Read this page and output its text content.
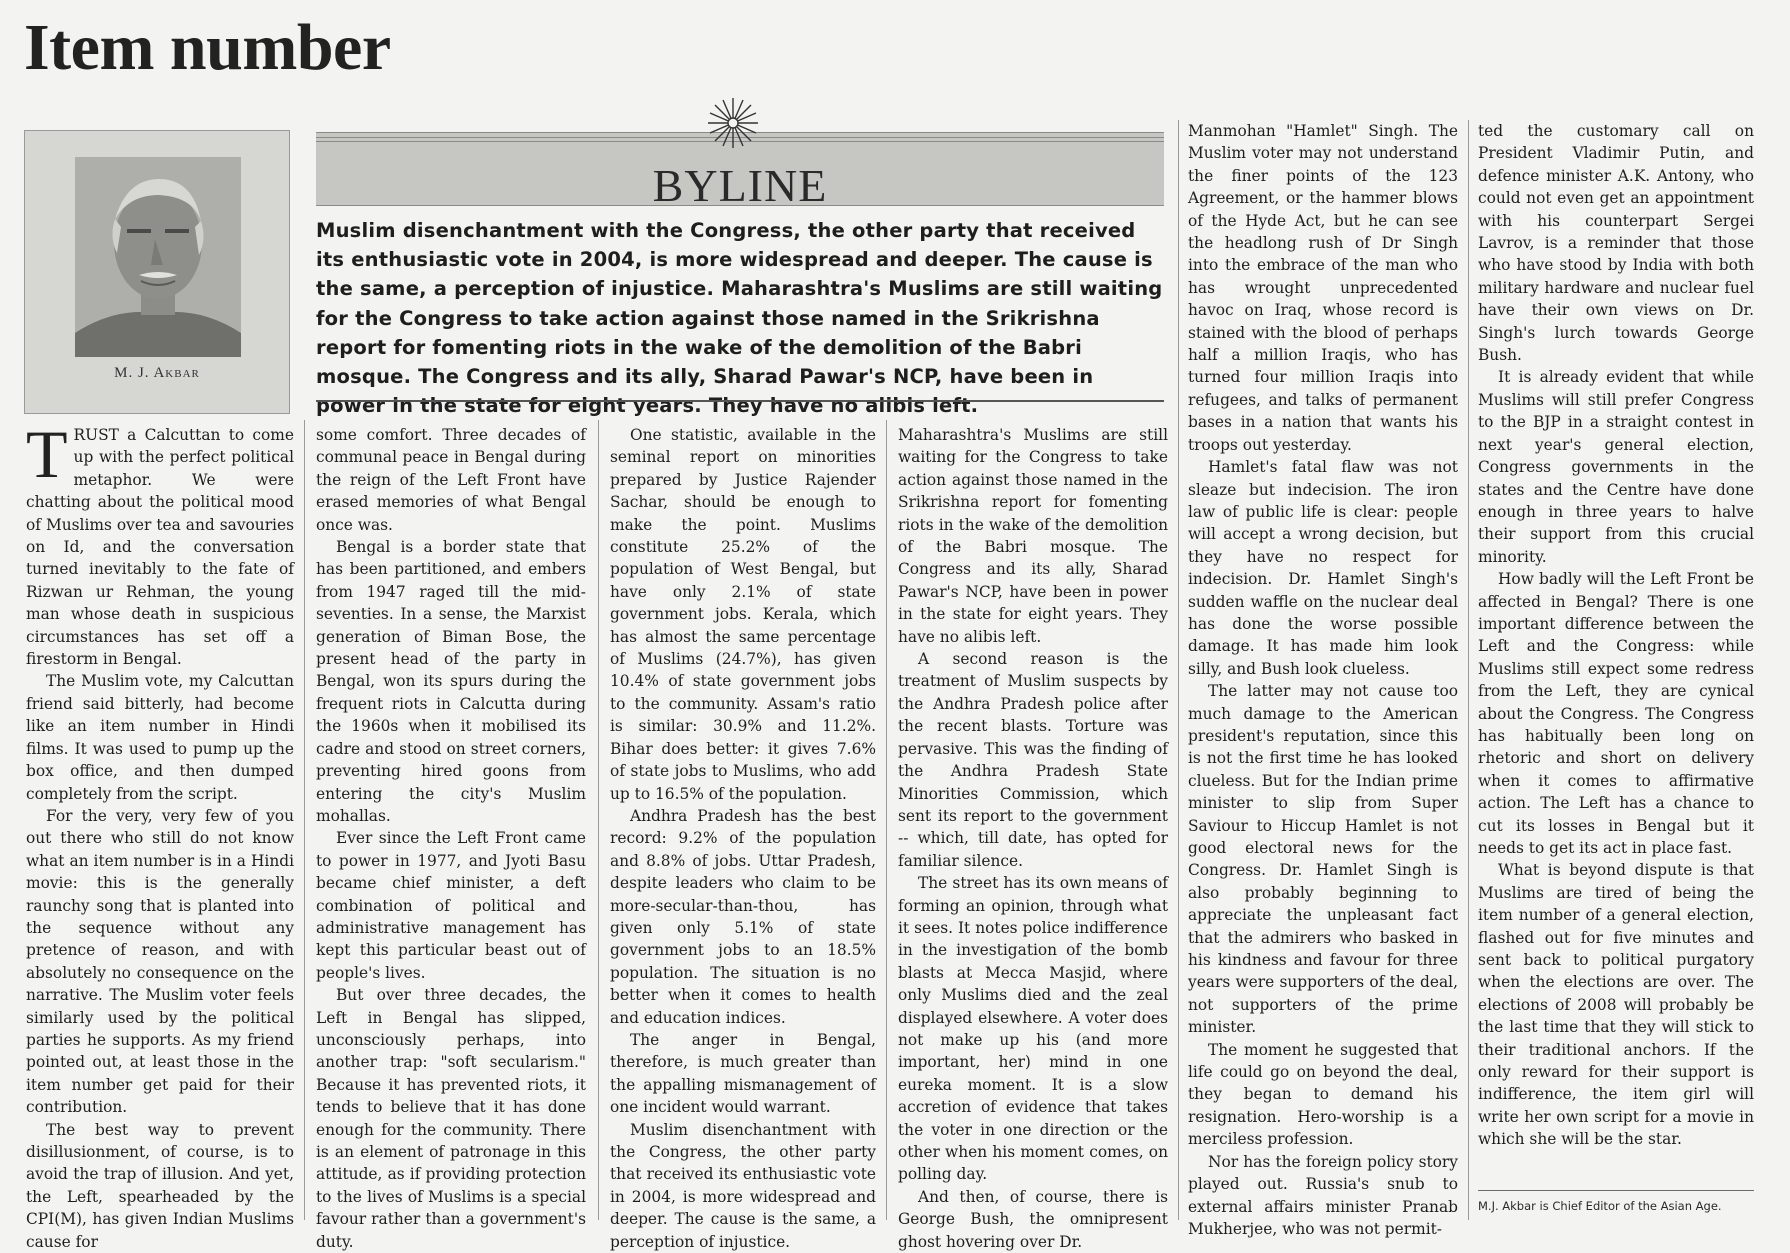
Item number
M. J. Akbar
BYLINE
Muslim disenchantment with the Congress, the other party that received its enthusiastic vote in 2004, is more widespread and deeper. The cause is the same, a perception of injustice. Maharashtra's Muslims are still waiting for the Congress to take action against those named in the Srikrishna report for fomenting riots in the wake of the demolition of the Babri mosque. The Congress and its ally, Sharad Pawar's NCP, have been in power in the state for eight years. They have no alibis left.

TRUST a Calcuttan to come up with the perfect political metaphor. We were chatting about the political mood of Muslims over tea and savouries on Id, and the conversation turned inevitably to the fate of Rizwan ur Rehman, the young man whose death in suspicious circumstances has set off a firestorm in Bengal.

The Muslim vote, my Calcuttan friend said bitterly, had become like an item number in Hindi films. It was used to pump up the box office, and then dumped completely from the script.

For the very, very few of you out there who still do not know what an item number is in a Hindi movie: this is the generally raunchy song that is planted into the sequence without any pretence of reason, and with absolutely no consequence on the narrative. The Muslim voter feels similarly used by the political parties he supports. As my friend pointed out, at least those in the item number get paid for their contribution.

The best way to prevent disillusionment, of course, is to avoid the trap of illusion. And yet, the Left, spearheaded by the CPI(M), has given Indian Muslims cause for

some comfort. Three decades of communal peace in Bengal during the reign of the Left Front have erased memories of what Bengal once was.

Bengal is a border state that has been partitioned, and embers from 1947 raged till the mid-seventies. In a sense, the Marxist generation of Biman Bose, the present head of the party in Bengal, won its spurs during the frequent riots in Calcutta during the 1960s when it mobilised its cadre and stood on street corners, preventing hired goons from entering the city's Muslim mohallas.

Ever since the Left Front came to power in 1977, and Jyoti Basu became chief minister, a deft combination of political and administrative management has kept this particular beast out of people's lives.

But over three decades, the Left in Bengal has slipped, unconsciously perhaps, into another trap: "soft secularism." Because it has prevented riots, it tends to believe that it has done enough for the community. There is an element of patronage in this attitude, as if providing protection to the lives of Muslims is a special favour rather than a government's duty.

One statistic, available in the seminal report on minorities prepared by Justice Rajender Sachar, should be enough to make the point. Muslims constitute 25.2% of the population of West Bengal, but have only 2.1% of state government jobs. Kerala, which has almost the same percentage of Muslims (24.7%), has given 10.4% of state government jobs to the community. Assam's ratio is similar: 30.9% and 11.2%. Bihar does better: it gives 7.6% of state jobs to Muslims, who add up to 16.5% of the population.

Andhra Pradesh has the best record: 9.2% of the population and 8.8% of jobs. Uttar Pradesh, despite leaders who claim to be more-secular-than-thou, has given only 5.1% of state government jobs to an 18.5% population. The situation is no better when it comes to health and education indices.

The anger in Bengal, therefore, is much greater than the appalling mismanagement of one incident would warrant.

Muslim disenchantment with the Congress, the other party that received its enthusiastic vote in 2004, is more widespread and deeper. The cause is the same, a perception of injustice.

Maharashtra's Muslims are still waiting for the Congress to take action against those named in the Srikrishna report for fomenting riots in the wake of the demolition of the Babri mosque. The Congress and its ally, Sharad Pawar's NCP, have been in power in the state for eight years. They have no alibis left.

A second reason is the treatment of Muslim suspects by the Andhra Pradesh police after the recent blasts. Torture was pervasive. This was the finding of the Andhra Pradesh State Minorities Commission, which sent its report to the government -- which, till date, has opted for familiar silence.

The street has its own means of forming an opinion, through what it sees. It notes police indifference in the investigation of the bomb blasts at Mecca Masjid, where only Muslims died and the zeal displayed elsewhere. A voter does not make up his (and more important, her) mind in one eureka moment. It is a slow accretion of evidence that takes the voter in one direction or the other when his moment comes, on polling day.

And then, of course, there is George Bush, the omnipresent ghost hovering over Dr.

Manmohan "Hamlet" Singh. The Muslim voter may not understand the finer points of the 123 Agreement, or the hammer blows of the Hyde Act, but he can see the headlong rush of Dr Singh into the embrace of the man who has wrought unprecedented havoc on Iraq, whose record is stained with the blood of perhaps half a million Iraqis, who has turned four million Iraqis into refugees, and talks of permanent bases in a nation that wants his troops out yesterday.

Hamlet's fatal flaw was not sleaze but indecision. The iron law of public life is clear: people will accept a wrong decision, but they have no respect for indecision. Dr. Hamlet Singh's sudden waffle on the nuclear deal has done the worse possible damage. It has made him look silly, and Bush look clueless.

The latter may not cause too much damage to the American president's reputation, since this is not the first time he has looked clueless. But for the Indian prime minister to slip from Super Saviour to Hiccup Hamlet is not good electoral news for the Congress. Dr. Hamlet Singh is also probably beginning to appreciate the unpleasant fact that the admirers who basked in his kindness and favour for three years were supporters of the deal, not supporters of the prime minister.

The moment he suggested that life could go on beyond the deal, they began to demand his resignation. Hero-worship is a merciless profession.

Nor has the foreign policy story played out. Russia's snub to external affairs minister Pranab Mukherjee, who was not permit-

ted the customary call on President Vladimir Putin, and defence minister A.K. Antony, who could not even get an appointment with his counterpart Sergei Lavrov, is a reminder that those who have stood by India with both military hardware and nuclear fuel have their own views on Dr. Singh's lurch towards George Bush.

It is already evident that while Muslims will still prefer Congress to the BJP in a straight contest in next year's general election, Congress governments in the states and the Centre have done enough in three years to halve their support from this crucial minority.

How badly will the Left Front be affected in Bengal? There is one important difference between the Left and the Congress: while Muslims still expect some redress from the Left, they are cynical about the Congress. The Congress has habitually been long on rhetoric and short on delivery when it comes to affirmative action. The Left has a chance to cut its losses in Bengal but it needs to get its act in place fast.

What is beyond dispute is that Muslims are tired of being the item number of a general election, flashed out for five minutes and sent back to political purgatory when the elections are over. The elections of 2008 will probably be the last time that they will stick to their traditional anchors. If the only reward for their support is indifference, the item girl will write her own script for a movie in which she will be the star.

M.J. Akbar is Chief Editor of the Asian Age.
